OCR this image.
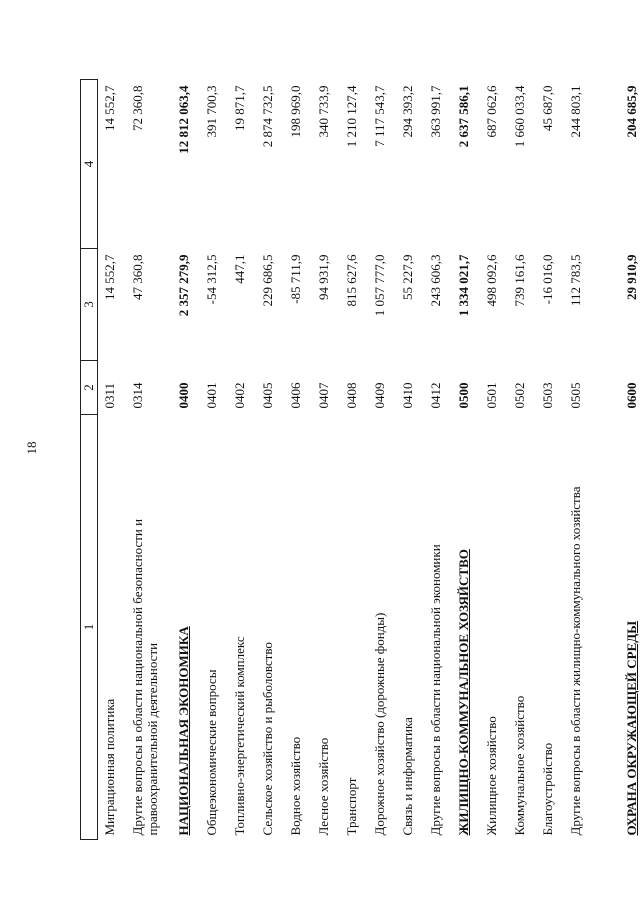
18
1	2	3	4
Миграционная политика	0311	14 552,7	14 552,7
Другие вопросы в области национальной безопасности и правоохранительной деятельности	0314	47 360,8	72 360,8
НАЦИОНАЛЬНАЯ ЭКОНОМИКА	0400	2 357 279,9	12 812 063,4
Общеэкономические вопросы	0401	-54 312,5	391 700,3
Топливно-энергетический комплекс	0402	447,1	19 871,7
Сельское хозяйство и рыболовство	0405	229 686,5	2 874 732,5
Водное хозяйство	0406	-85 711,9	198 969,0
Лесное хозяйство	0407	94 931,9	340 733,9
Транспорт	0408	815 627,6	1 210 127,4
Дорожное хозяйство (дорожные фонды)	0409	1 057 777,0	7 117 543,7
Связь и информатика	0410	55 227,9	294 393,2
Другие вопросы в области национальной экономики	0412	243 606,3	363 991,7
ЖИЛИЩНО-КОММУНАЛЬНОЕ ХОЗЯЙСТВО	0500	1 334 021,7	2 637 586,1
Жилищное хозяйство	0501	498 092,6	687 062,6
Коммунальное хозяйство	0502	739 161,6	1 660 033,4
Благоустройство	0503	-16 016,0	45 687,0
Другие вопросы в области жилищно-коммунального хозяйства	0505	112 783,5	244 803,1
ОХРАНА ОКРУЖАЮЩЕЙ СРЕДЫ	0600	29 910,9	204 685,9
